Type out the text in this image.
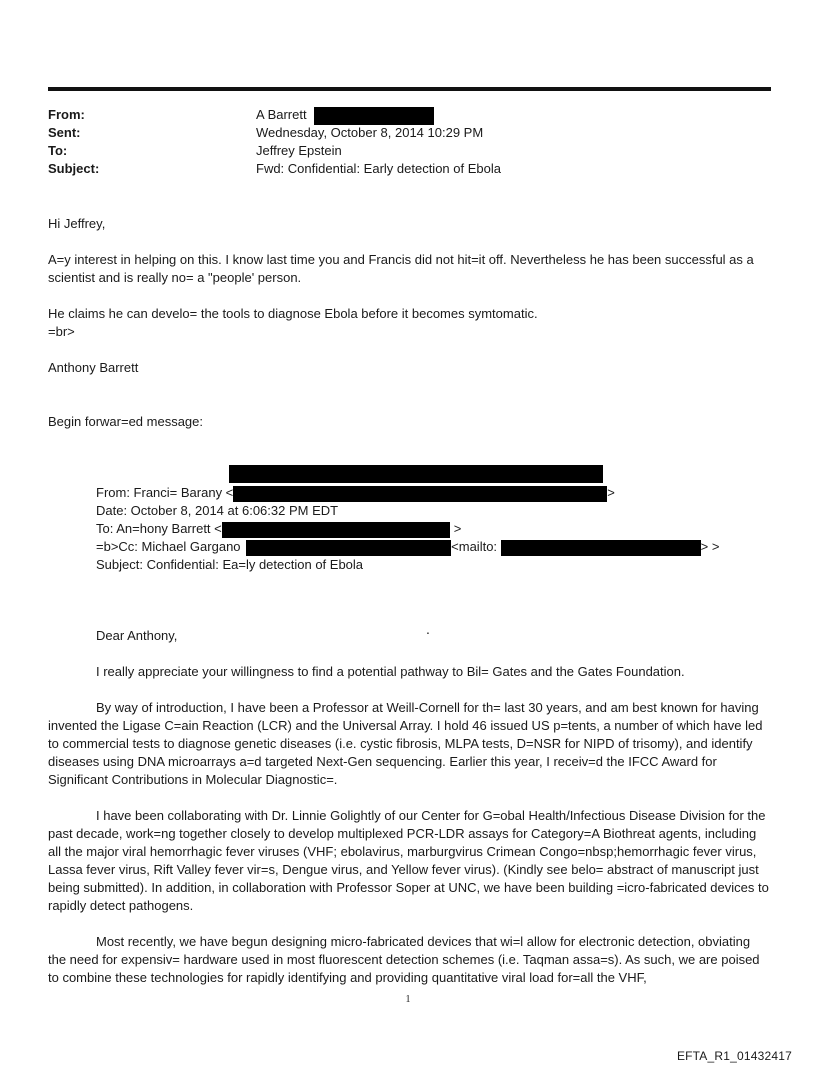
From:	A Barrett
Sent:	Wednesday, October 8, 2014 10:29 PM
To:	Jeffrey Epstein
Subject:	Fwd: Confidential: Early detection of Ebola

Hi Jeffrey,

A=y interest in helping on this. I know last time you and Francis did not hit=it off. Nevertheless he has been successful as a scientist and is really no= a "people' person.

He claims he can develo= the tools to diagnose Ebola before it becomes symtomatic.

=br>

Anthony Barrett

Begin forwar=ed message:

From: Franci= Barany <	>
Date: October 8, 2014 at 6:06:32 PM EDT
To: An=hony Barrett <	>
=b>Cc: Michael Gargano	<mailto:	> >
Subject: Confidential: Ea=ly detection of Ebola
.

Dear Anthony,

I really appreciate your willingness to find a potential pathway to Bil= Gates and the Gates Foundation.

By way of introduction, I have been a Professor at Weill-Cornell for th= last 30 years, and am best known for having invented the Ligase C=ain Reaction (LCR) and the Universal Array. I hold 46 issued US p=tents, a number of which have led to commercial tests to diagnose genetic diseases (i.e. cystic fibrosis, MLPA tests, D=NSR for NIPD of trisomy), and identify diseases using DNA microarrays a=d targeted Next-Gen sequencing. Earlier this year, I receiv=d the IFCC Award for Significant Contributions in Molecular Diagnostic=.

I have been collaborating with Dr. Linnie Golightly of our Center for G=obal Health/Infectious Disease Division for the past decade, work=ng together closely to develop multiplexed PCR-LDR assays for Category=A Biothreat agents, including all the major viral hemorrhagic fever viruses (VHF; ebolavirus, marburgvirus Crimean Congo=nbsp;hemorrhagic fever virus, Lassa fever virus, Rift Valley fever vir=s, Dengue virus, and Yellow fever virus). (Kindly see belo= abstract of manuscript just being submitted). In addition, in collaboration with Professor Soper at UNC, we have been building =icro-fabricated devices to rapidly detect pathogens.

Most recently, we have begun designing micro-fabricated devices that wi=l allow for electronic detection, obviating the need for expensiv= hardware used in most fluorescent detection schemes (i.e. Taqman assa=s). As such, we are poised to combine these technologies for rapidly identifying and providing quantitative viral load for=all the VHF,

1
EFTA_R1_01432417
